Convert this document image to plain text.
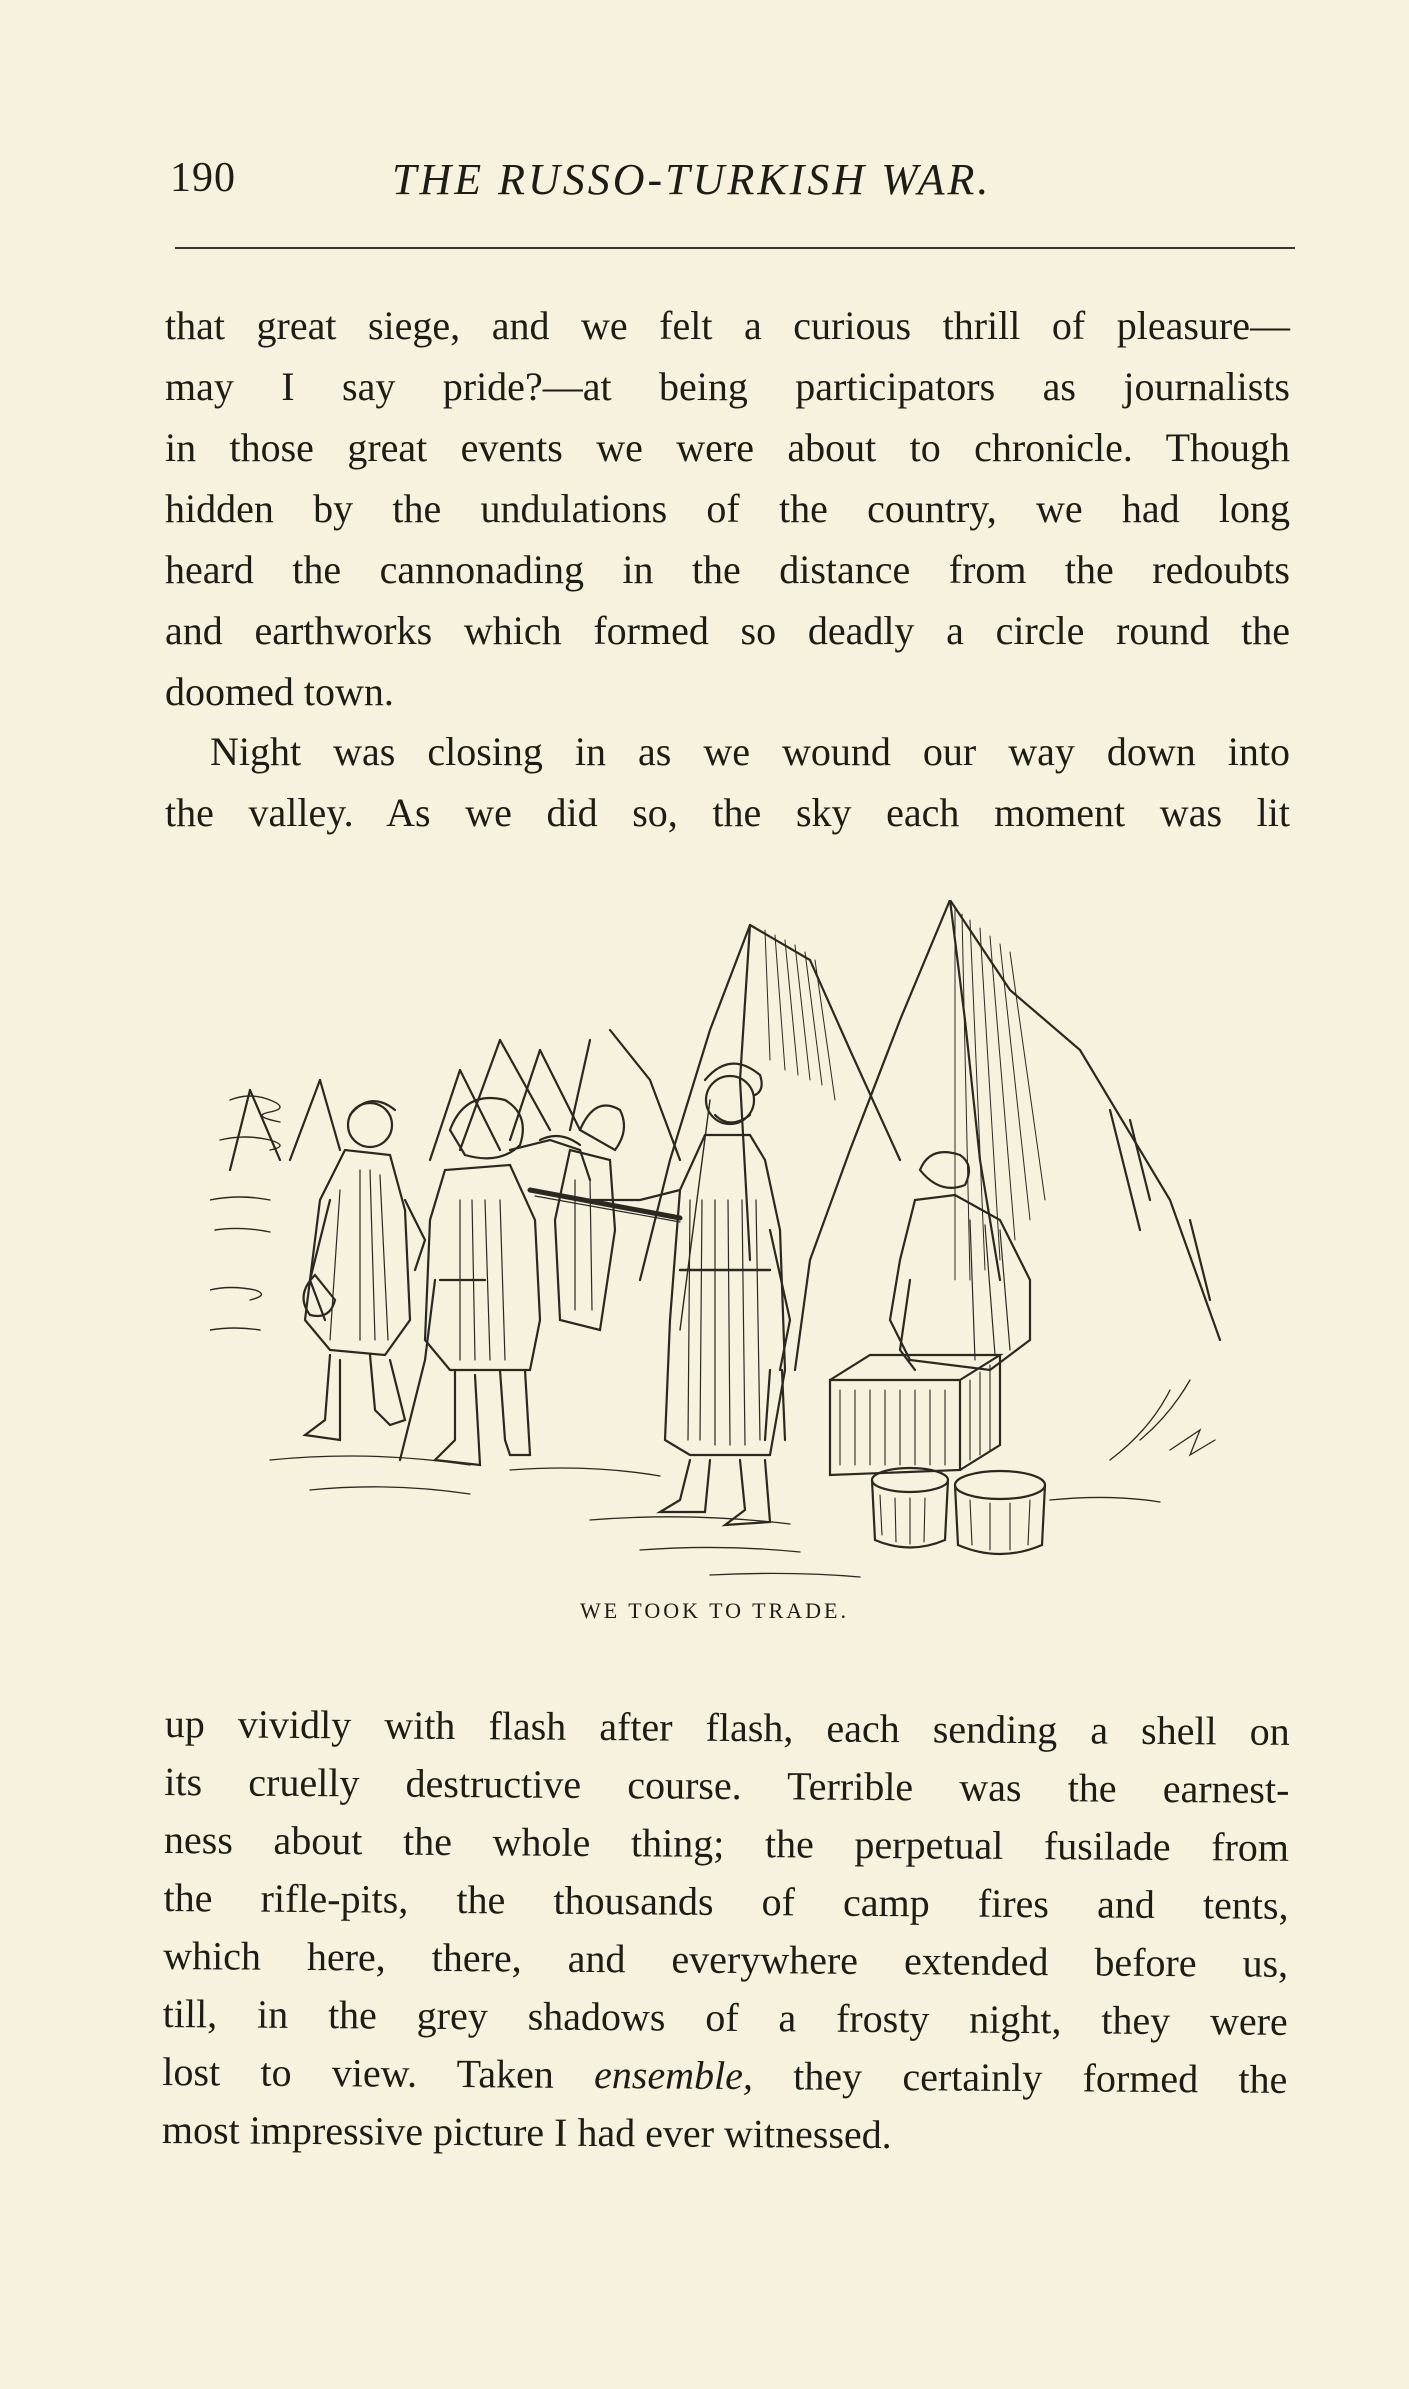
190	THE RUSSO-TURKISH WAR.
that great siege, and we felt a curious thrill of pleasure—
may I say pride?—at being participators as journalists
in those great events we were about to chronicle. Though
hidden by the undulations of the country, we had long
heard the cannonading in the distance from the redoubts
and earthworks which formed so deadly a circle round the
doomed town.
Night was closing in as we wound our way down into
the valley. As we did so, the sky each moment was lit
WE TOOK TO TRADE.
up vividly with flash after flash, each sending a shell on
its cruelly destructive course. Terrible was the earnest-
ness about the whole thing; the perpetual fusilade from
the rifle-pits, the thousands of camp fires and tents,
which here, there, and everywhere extended before us,
till, in the grey shadows of a frosty night, they were
lost to view. Taken ensemble, they certainly formed the
most impressive picture I had ever witnessed.
